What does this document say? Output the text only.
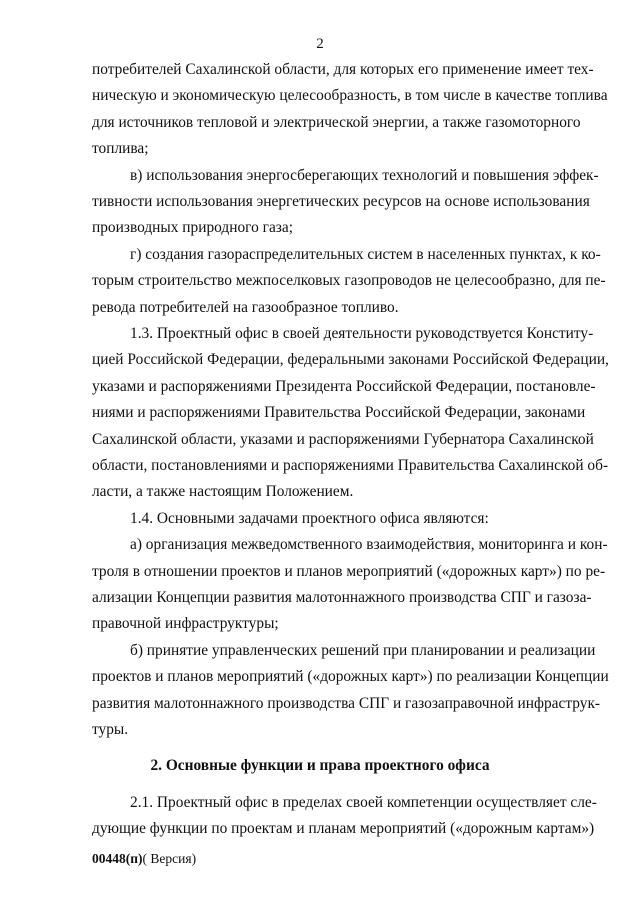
2
потребителей Сахалинской области, для которых его применение имеет тех-
ническую и экономическую целесообразность, в том числе в качестве топлива
для источников тепловой и электрической энергии, а также газомоторного
топлива;
в) использования энергосберегающих технологий и повышения эффек-
тивности использования энергетических ресурсов на основе использования
производных природного газа;
г) создания газораспределительных систем в населенных пунктах, к ко-
торым строительство межпоселковых газопроводов не целесообразно, для пе-
ревода потребителей на газообразное топливо.
1.3. Проектный офис в своей деятельности руководствуется Конститу-
цией Российской Федерации, федеральными законами Российской Федерации,
указами и распоряжениями Президента Российской Федерации, постановле-
ниями и распоряжениями Правительства Российской Федерации, законами
Сахалинской области, указами и распоряжениями Губернатора Сахалинской
области, постановлениями и распоряжениями Правительства Сахалинской об-
ласти, а также настоящим Положением.
1.4. Основными задачами проектного офиса являются:
а) организация межведомственного взаимодействия, мониторинга и кон-
троля в отношении проектов и планов мероприятий («дорожных карт») по ре-
ализации Концепции развития малотоннажного производства СПГ и газоза-
правочной инфраструктуры;
б) принятие управленческих решений при планировании и реализации
проектов и планов мероприятий («дорожных карт») по реализации Концепции
развития малотоннажного производства СПГ и газозаправочной инфраструк-
туры.
2. Основные функции и права проектного офиса
2.1. Проектный офис в пределах своей компетенции осуществляет сле-
дующие функции по проектам и планам мероприятий («дорожным картам»)
00448(п)( Версия)
